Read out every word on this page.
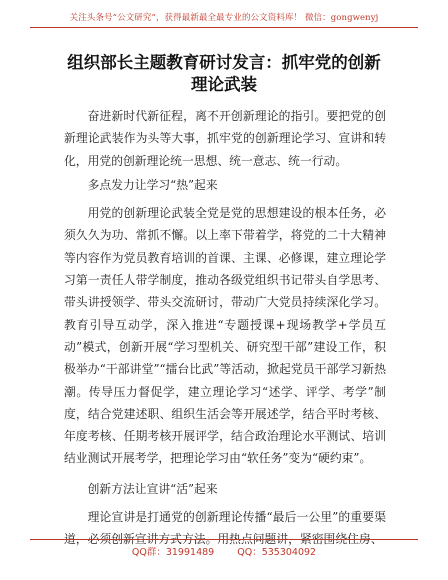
关注头条号“公文研究”，获得最新最全最专业的公文资料库！ 微信：gongwenyj
组织部长主题教育研讨发言：抓牢党的创新理论武装

奋进新时代新征程，离不开创新理论的指引。要把党的创新理论武装作为头等大事，抓牢党的创新理论学习、宣讲和转化，用党的创新理论统一思想、统一意志、统一行动。

多点发力让学习“热”起来

用党的创新理论武装全党是党的思想建设的根本任务，必须久久为功、常抓不懈。以上率下带着学，将党的二十大精神等内容作为党员教育培训的首课、主课、必修课，建立理论学习第一责任人带学制度，推动各级党组织书记带头自学思考、带头讲授领学、带头交流研讨，带动广大党员持续深化学习。教育引导互动学，深入推进“专题授课+现场教学+学员互动”模式，创新开展“学习型机关、研究型干部”建设工作，积极举办“干部讲堂”“擂台比武”等活动，掀起党员干部学习新热潮。传导压力督促学，建立理论学习“述学、评学、考学”制度，结合党建述职、组织生活会等开展述学，结合平时考核、年度考核、任期考核开展评学，结合政治理论水平测试、培训结业测试开展考学，把理论学习由“软任务”变为“硬约束”。

创新方法让宣讲“活”起来

理论宣讲是打通党的创新理论传播“最后一公里”的重要渠道，必须创新宣讲方式方法。用热点问题讲，紧密围绕住房、

QQ群：31991489 QQ：535304092
